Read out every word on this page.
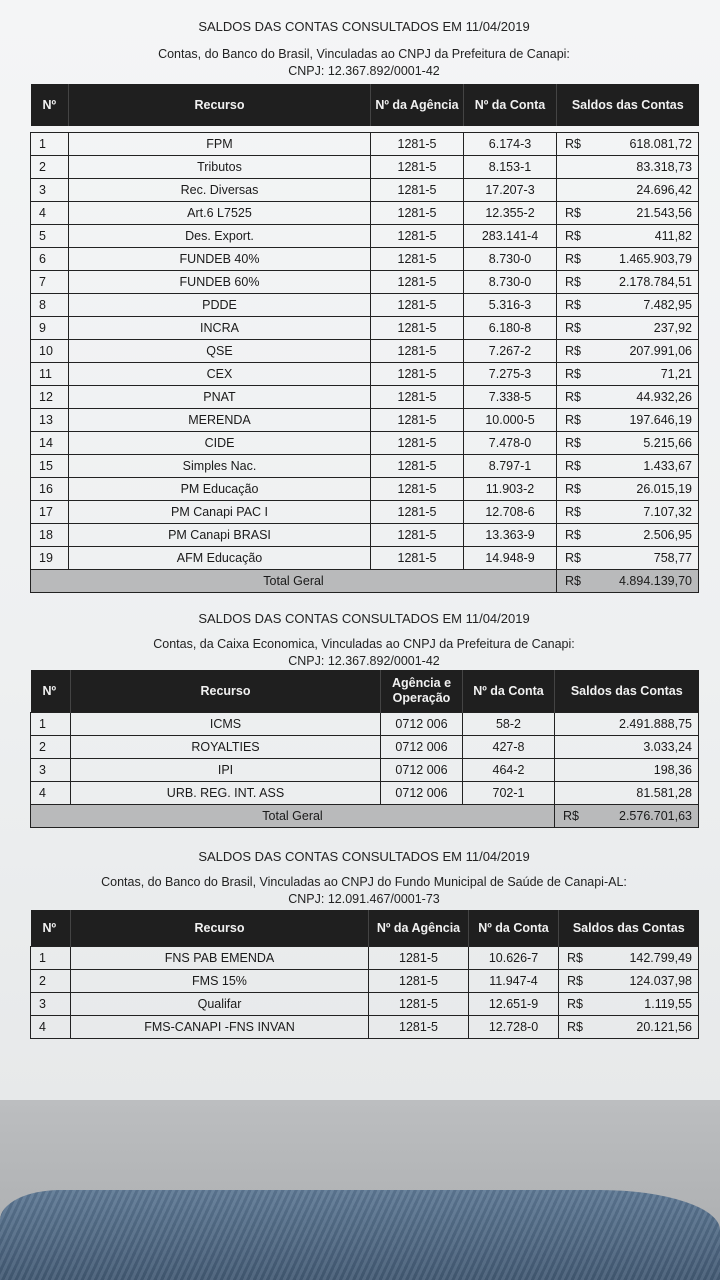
SALDOS DAS CONTAS CONSULTADOS EM 11/04/2019
Contas, do Banco do Brasil, Vinculadas ao CNPJ da Prefeitura de Canapi:
CNPJ: 12.367.892/0001-42
Nº	Recurso	Nº da Agência	Nº da Conta	Saldos das Contas

1	FPM	1281-5	6.174-3	R$ 618.081,72

2	Tributos	1281-5	8.153-1	83.318,73

3	Rec. Diversas	1281-5	17.207-3	24.696,42

4	Art.6 L7525	1281-5	12.355-2	R$ 21.543,56

5	Des. Export.	1281-5	283.141-4	R$ 411,82

6	FUNDEB 40%	1281-5	8.730-0	R$ 1.465.903,79

7	FUNDEB 60%	1281-5	8.730-0	R$ 2.178.784,51

8	PDDE	1281-5	5.316-3	R$ 7.482,95

9	INCRA	1281-5	6.180-8	R$ 237,92

10	QSE	1281-5	7.267-2	R$ 207.991,06

11	CEX	1281-5	7.275-3	R$ 71,21

12	PNAT	1281-5	7.338-5	R$ 44.932,26

13	MERENDA	1281-5	10.000-5	R$ 197.646,19

14	CIDE	1281-5	7.478-0	R$ 5.215,66

15	Simples Nac.	1281-5	8.797-1	R$ 1.433,67

16	PM Educação	1281-5	11.903-2	R$ 26.015,19

17	PM Canapi PAC I	1281-5	12.708-6	R$ 7.107,32

18	PM Canapi BRASI	1281-5	13.363-9	R$ 2.506,95

19	AFM Educação	1281-5	14.948-9	R$ 758,77

Total Geral				R$ 4.894.139,70
SALDOS DAS CONTAS CONSULTADOS EM 11/04/2019
Contas, da Caixa Economica, Vinculadas ao CNPJ da Prefeitura de Canapi:
CNPJ: 12.367.892/0001-42
Nº	Recurso	Agência e Operação	Nº da Conta	Saldos das Contas
1	ICMS	0712 006	58-2	2.491.888,75

2	ROYALTIES	0712 006	427-8	3.033,24

3	IPI	0712 006	464-2	198,36

4	URB. REG. INT. ASS	0712 006	702-1	81.581,28

Total Geral				R$ 2.576.701,63
SALDOS DAS CONTAS CONSULTADOS EM 11/04/2019
Contas, do Banco do Brasil, Vinculadas ao CNPJ do Fundo Municipal de Saúde de Canapi-AL:
CNPJ: 12.091.467/0001-73
Nº	Recurso	Nº da Agência	Nº da Conta	Saldos das Contas
1	FNS PAB EMENDA	1281-5	10.626-7	R$ 142.799,49

2	FMS 15%	1281-5	11.947-4	R$ 124.037,98

3	Qualifar	1281-5	12.651-9	R$ 1.119,55

4	FMS-CANAPI -FNS INVAN	1281-5	12.728-0	R$ 20.121,56
